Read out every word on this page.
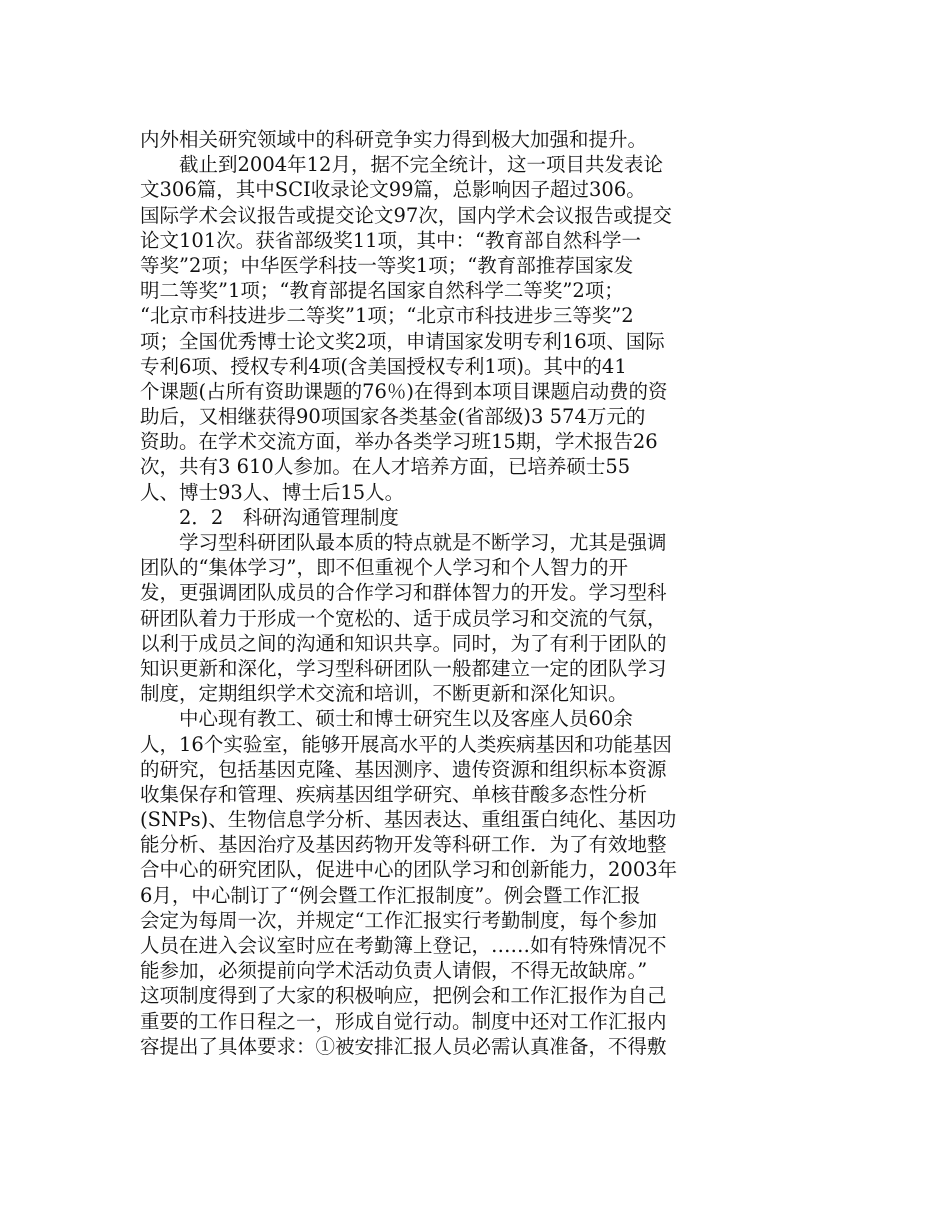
内外相关研究领域中的科研竞争实力得到极大加强和提升。
截止到2004年12月，据不完全统计，这一项目共发表论
文306篇，其中SCI收录论文99篇，总影响因子超过306。
国际学术会议报告或提交论文97次，国内学术会议报告或提交
论文101次。获省部级奖11项，其中：“教育部自然科学一
等奖”2项；中华医学科技一等奖1项；“教育部推荐国家发
明二等奖”1项；“教育部提名国家自然科学二等奖”2项；
“北京市科技进步二等奖”1项；“北京市科技进步三等奖”2
项；全国优秀博士论文奖2项，申请国家发明专利16项、国际
专利6项、授权专利4项(含美国授权专利1项)。其中的41
个课题(占所有资助课题的76％)在得到本项目课题启动费的资
助后，又相继获得90项国家各类基金(省部级)3 574万元的
资助。在学术交流方面，举办各类学习班15期，学术报告26
次，共有3 610人参加。在人才培养方面，已培养硕士55
人、博士93人、博士后15人。
2．2　科研沟通管理制度
学习型科研团队最本质的特点就是不断学习，尤其是强调
团队的“集体学习”，即不但重视个人学习和个人智力的开
发，更强调团队成员的合作学习和群体智力的开发。学习型科
研团队着力于形成一个宽松的、适于成员学习和交流的气氛，
以利于成员之间的沟通和知识共享。同时，为了有利于团队的
知识更新和深化，学习型科研团队一般都建立一定的团队学习
制度，定期组织学术交流和培训，不断更新和深化知识。
中心现有教工、硕士和博士研究生以及客座人员60余
人，16个实验室，能够开展高水平的人类疾病基因和功能基因
的研究，包括基因克隆、基因测序、遗传资源和组织标本资源
收集保存和管理、疾病基因组学研究、单核苷酸多态性分析
(SNPs)、生物信息学分析、基因表达、重组蛋白纯化、基因功
能分析、基因治疗及基因药物开发等科研工作．为了有效地整
合中心的研究团队，促进中心的团队学习和创新能力，2003年
6月，中心制订了“例会暨工作汇报制度”。例会暨工作汇报
会定为每周一次，并规定“工作汇报实行考勤制度，每个参加
人员在进入会议室时应在考勤簿上登记，……如有特殊情况不
能参加，必须提前向学术活动负责人请假，不得无故缺席。”
这项制度得到了大家的积极响应，把例会和工作汇报作为自己
重要的工作日程之一，形成自觉行动。制度中还对工作汇报内
容提出了具体要求：①被安排汇报人员必需认真准备，不得敷
